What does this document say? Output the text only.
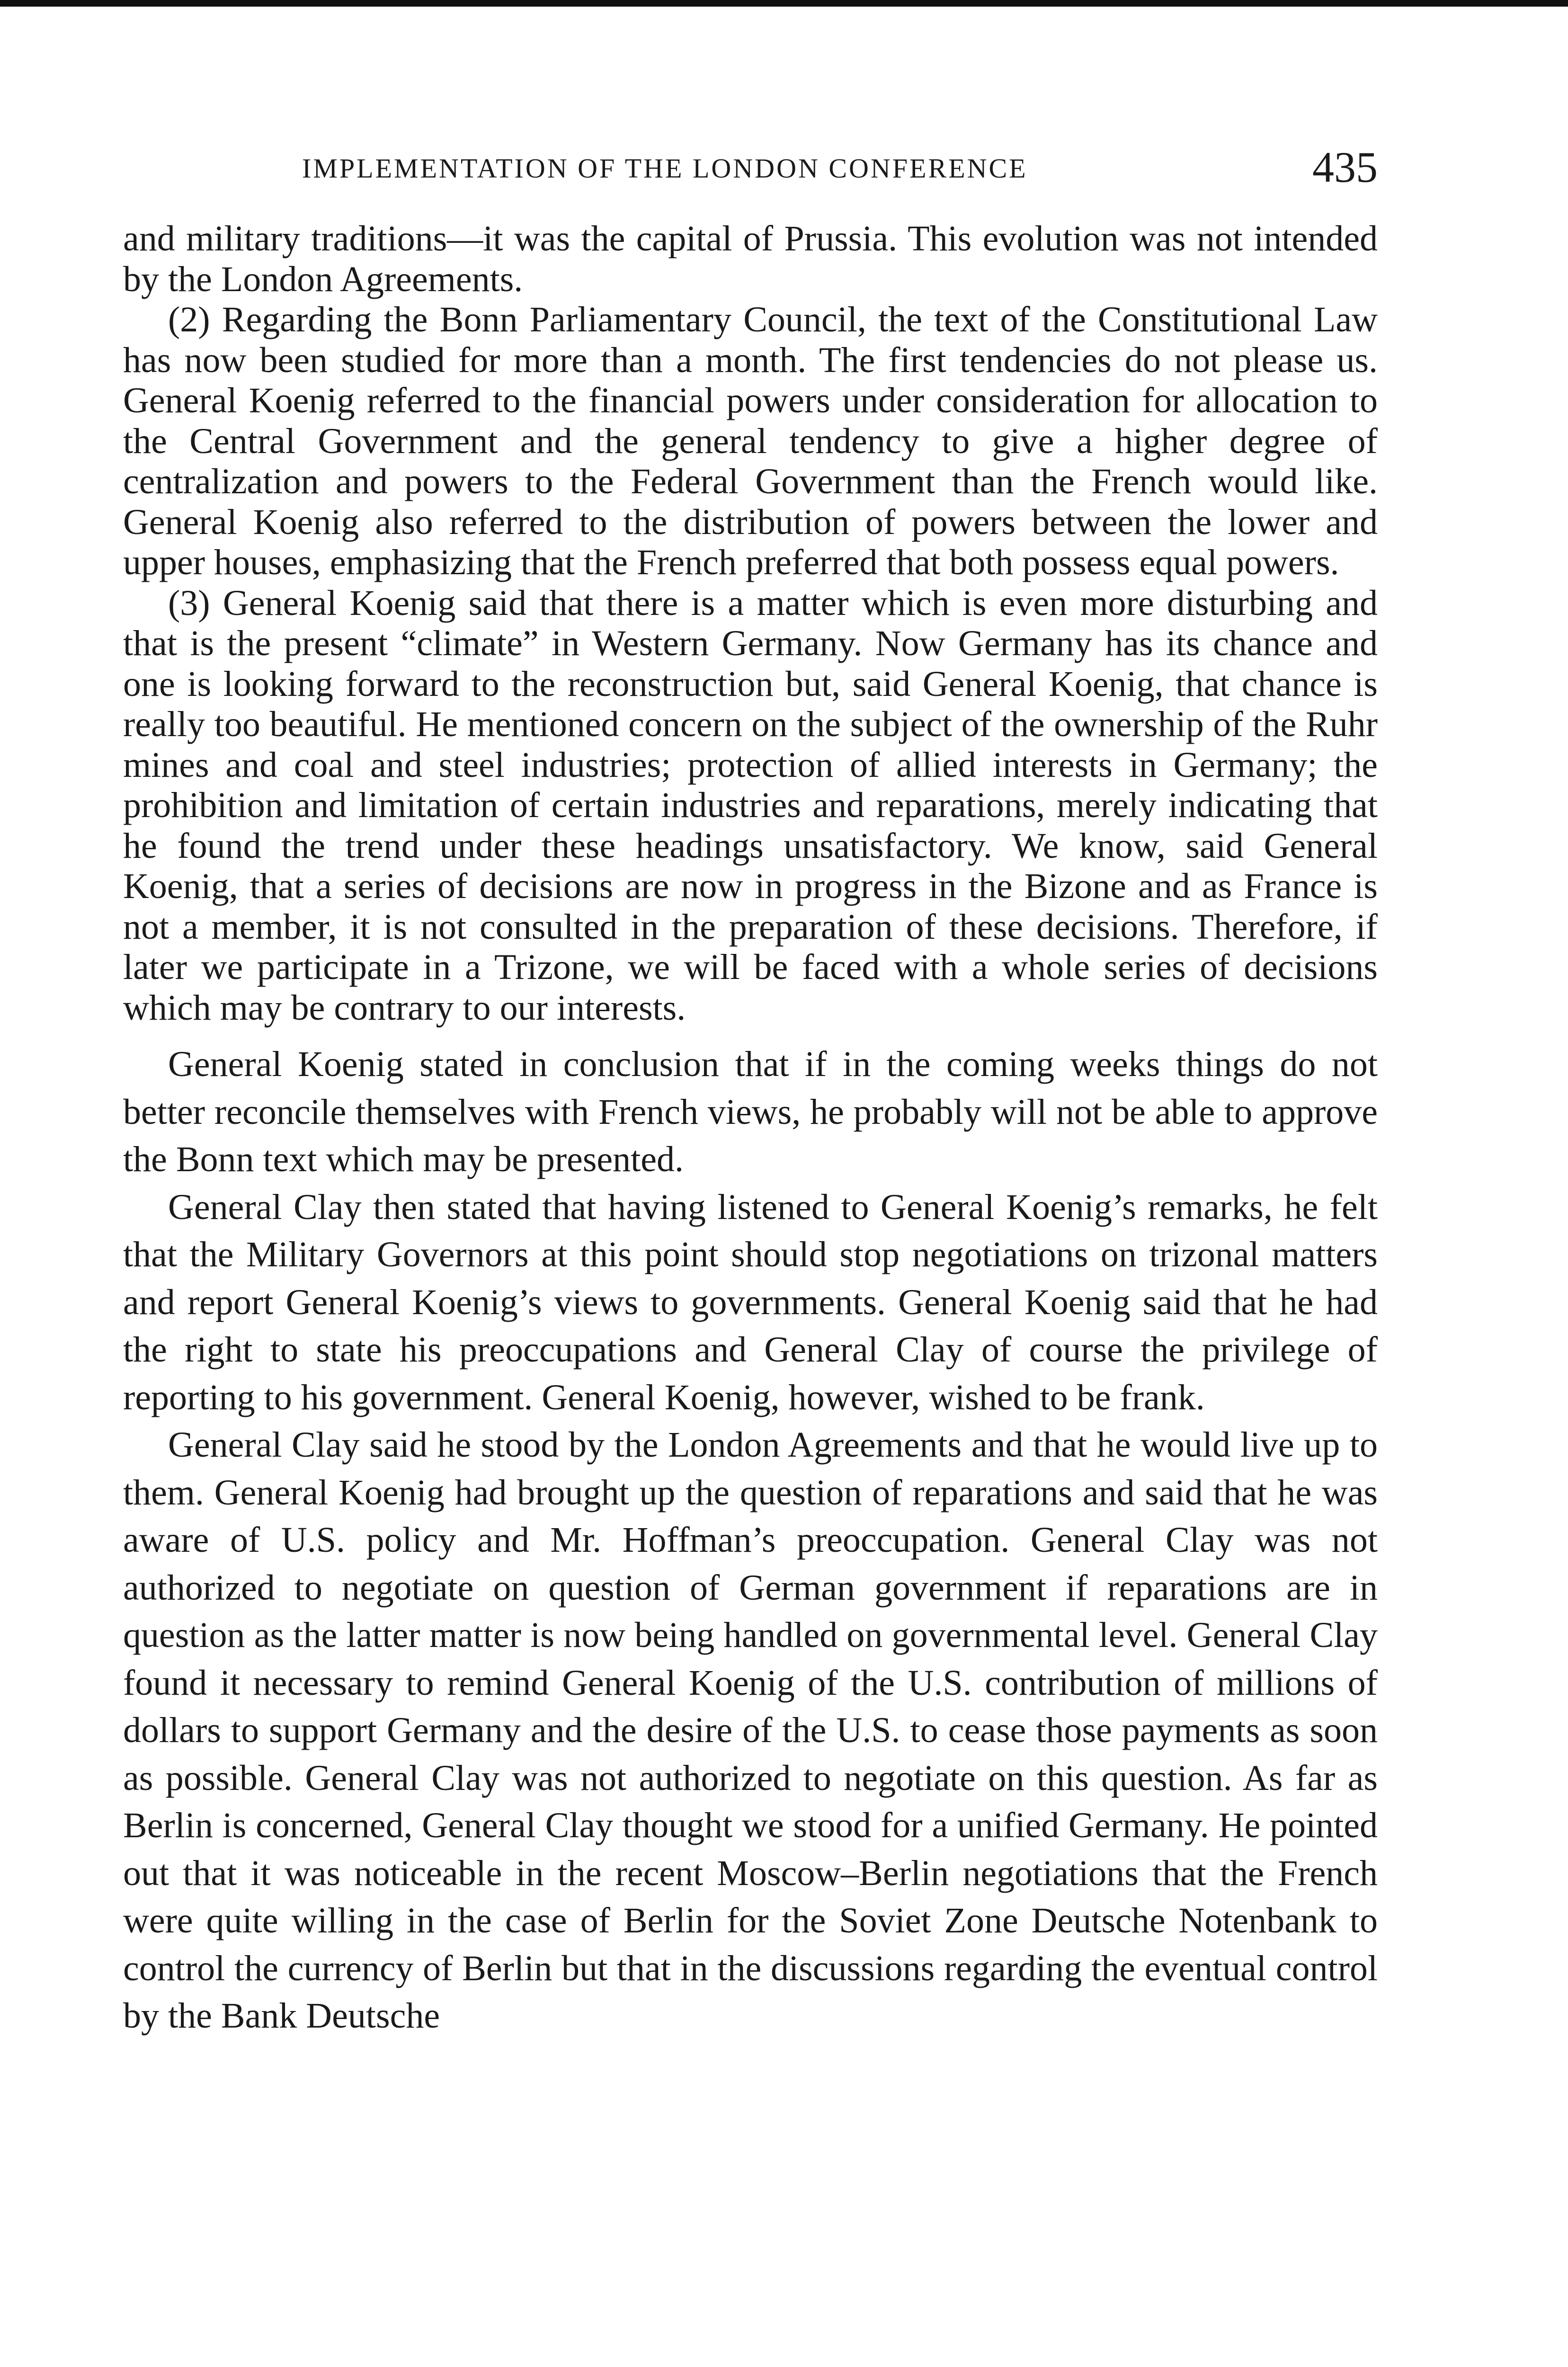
IMPLEMENTATION OF THE LONDON CONFERENCE	435

and military traditions—it was the capital of Prussia. This evolution was not intended by the London Agreements.

(2) Regarding the Bonn Parliamentary Council, the text of the Constitutional Law has now been studied for more than a month. The first tendencies do not please us. General Koenig referred to the financial powers under consideration for allocation to the Central Government and the general tendency to give a higher degree of centralization and powers to the Federal Government than the French would like. General Koenig also referred to the distribution of powers between the lower and upper houses, emphasizing that the French preferred that both possess equal powers.

(3) General Koenig said that there is a matter which is even more disturbing and that is the present “climate” in Western Germany. Now Germany has its chance and one is looking forward to the reconstruction but, said General Koenig, that chance is really too beautiful. He mentioned concern on the subject of the ownership of the Ruhr mines and coal and steel industries; protection of allied interests in Germany; the prohibition and limitation of certain industries and reparations, merely indicating that he found the trend under these headings unsatisfactory. We know, said General Koenig, that a series of decisions are now in progress in the Bizone and as France is not a member, it is not consulted in the preparation of these decisions. Therefore, if later we participate in a Trizone, we will be faced with a whole series of decisions which may be contrary to our interests.

General Koenig stated in conclusion that if in the coming weeks things do not better reconcile themselves with French views, he probably will not be able to approve the Bonn text which may be presented.

General Clay then stated that having listened to General Koenig’s remarks, he felt that the Military Governors at this point should stop negotiations on trizonal matters and report General Koenig’s views to governments. General Koenig said that he had the right to state his preoccupations and General Clay of course the privilege of reporting to his government. General Koenig, however, wished to be frank.

General Clay said he stood by the London Agreements and that he would live up to them. General Koenig had brought up the question of reparations and said that he was aware of U.S. policy and Mr. Hoffman’s preoccupation. General Clay was not authorized to negotiate on question of German government if reparations are in question as the latter matter is now being handled on governmental level. General Clay found it necessary to remind General Koenig of the U.S. contribution of millions of dollars to support Germany and the desire of the U.S. to cease those payments as soon as possible. General Clay was not authorized to negotiate on this question. As far as Berlin is concerned, General Clay thought we stood for a unified Germany. He pointed out that it was noticeable in the recent Moscow–Berlin negotiations that the French were quite willing in the case of Berlin for the Soviet Zone Deutsche Notenbank to control the currency of Berlin but that in the discussions regarding the eventual control by the Bank Deutsche
